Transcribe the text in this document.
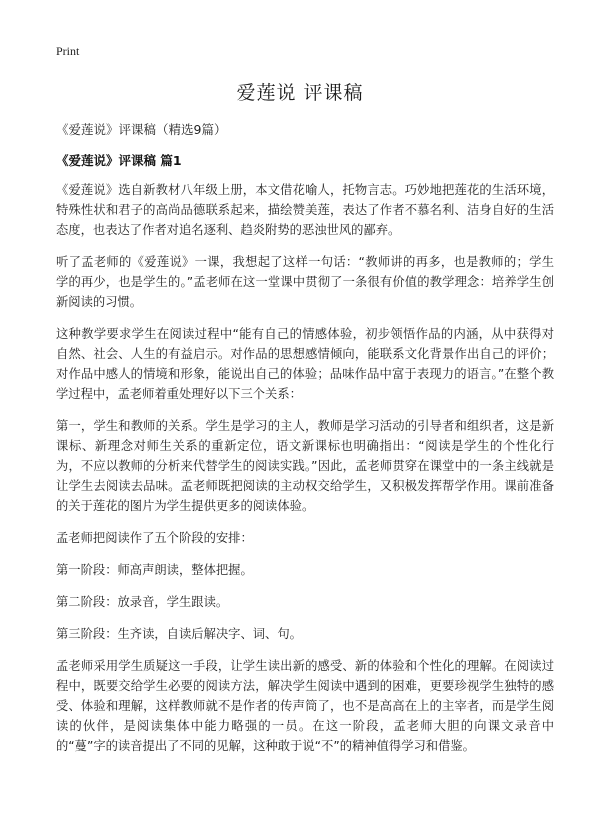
Print
爱莲说 评课稿
《爱莲说》评课稿（精选9篇）
《爱莲说》评课稿 篇1

《爱莲说》选自新教材八年级上册，本文借花喻人，托物言志。巧妙地把莲花的生活环境，特殊性状和君子的高尚品德联系起来，描绘赞美莲，表达了作者不慕名利、洁身自好的生活态度，也表达了作者对追名逐利、趋炎附势的恶浊世风的鄙弃。

听了孟老师的《爱莲说》一课，我想起了这样一句话：“教师讲的再多，也是教师的；学生学的再少，也是学生的。”孟老师在这一堂课中贯彻了一条很有价值的教学理念：培养学生创新阅读的习惯。

这种教学要求学生在阅读过程中“能有自己的情感体验，初步领悟作品的内涵，从中获得对自然、社会、人生的有益启示。对作品的思想感情倾向，能联系文化背景作出自己的评价；对作品中感人的情境和形象，能说出自己的体验；品味作品中富于表现力的语言。”在整个教学过程中，孟老师着重处理好以下三个关系：

第一，学生和教师的关系。学生是学习的主人，教师是学习活动的引导者和组织者，这是新课标、新理念对师生关系的重新定位，语文新课标也明确指出：“阅读是学生的个性化行为，不应以教师的分析来代替学生的阅读实践。”因此，孟老师贯穿在课堂中的一条主线就是让学生去阅读去品味。孟老师既把阅读的主动权交给学生，又积极发挥帮学作用。课前准备的关于莲花的图片为学生提供更多的阅读体验。

孟老师把阅读作了五个阶段的安排：

第一阶段：师高声朗读，整体把握。

第二阶段：放录音，学生跟读。

第三阶段：生齐读，自读后解决字、词、句。

孟老师采用学生质疑这一手段，让学生读出新的感受、新的体验和个性化的理解。在阅读过程中，既要交给学生必要的阅读方法，解决学生阅读中遇到的困难，更要珍视学生独特的感受、体验和理解，这样教师就不是作者的传声筒了，也不是高高在上的主宰者，而是学生阅读的伙伴，是阅读集体中能力略强的一员。在这一阶段，孟老师大胆的向课文录音中的“蔓”字的读音提出了不同的见解，这种敢于说“不”的精神值得学习和借鉴。
